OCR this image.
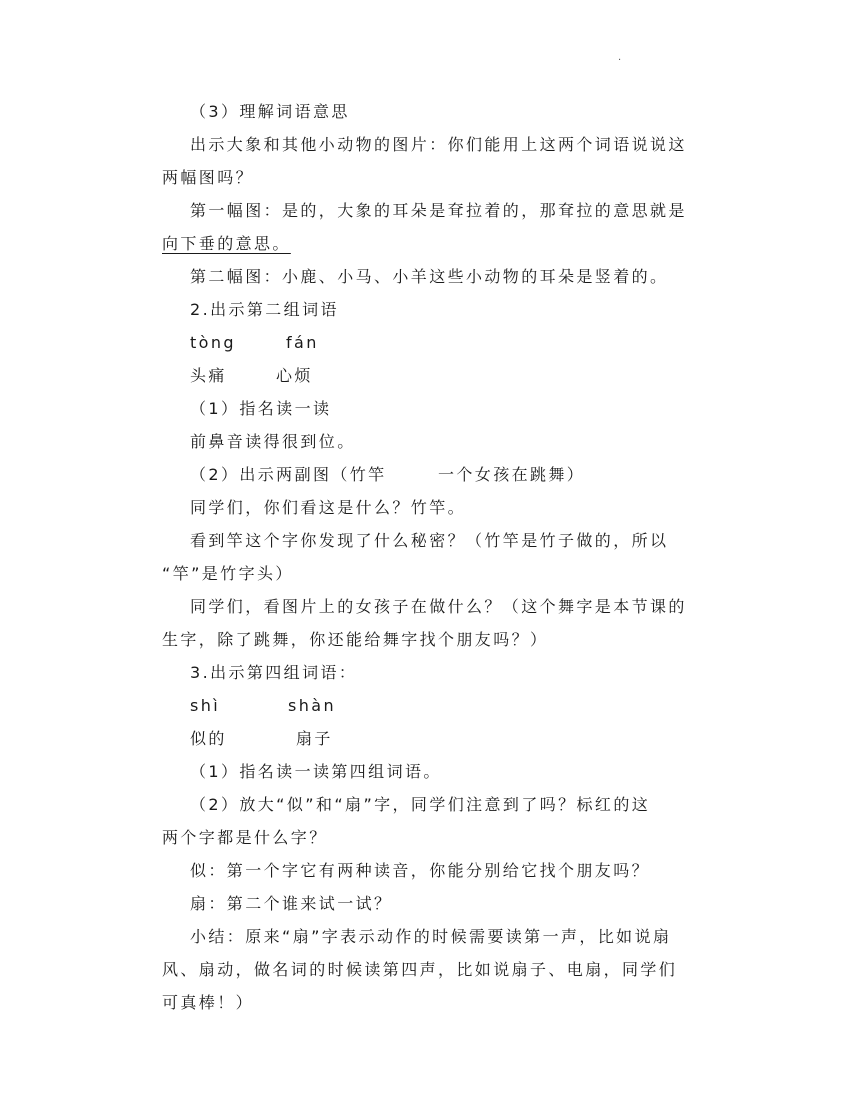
.
（3）理解词语意思
出示大象和其他小动物的图片：你们能用上这两个词语说说这
两幅图吗？
第一幅图：是的，大象的耳朵是耷拉着的，那耷拉的意思就是
向下垂的意思。
第二幅图：小鹿、小马、小羊这些小动物的耳朵是竖着的。
2.出示第二组词语
tòng	fán
头痛	心烦
（1）指名读一读
前鼻音读得很到位。
（2）出示两副图（竹竿	一个女孩在跳舞）
同学们，你们看这是什么？竹竿。
看到竿这个字你发现了什么秘密？（竹竿是竹子做的，所以
“竿”是竹字头）
同学们，看图片上的女孩子在做什么？（这个舞字是本节课的
生字，除了跳舞，你还能给舞字找个朋友吗？）
3.出示第四组词语：
shì	shàn
似的	扇子
（1）指名读一读第四组词语。
（2）放大“似”和“扇”字，同学们注意到了吗？标红的这
两个字都是什么字？
似：第一个字它有两种读音，你能分别给它找个朋友吗？
扇：第二个谁来试一试？
小结：原来“扇”字表示动作的时候需要读第一声，比如说扇
风、扇动，做名词的时候读第四声，比如说扇子、电扇，同学们
可真棒！）
